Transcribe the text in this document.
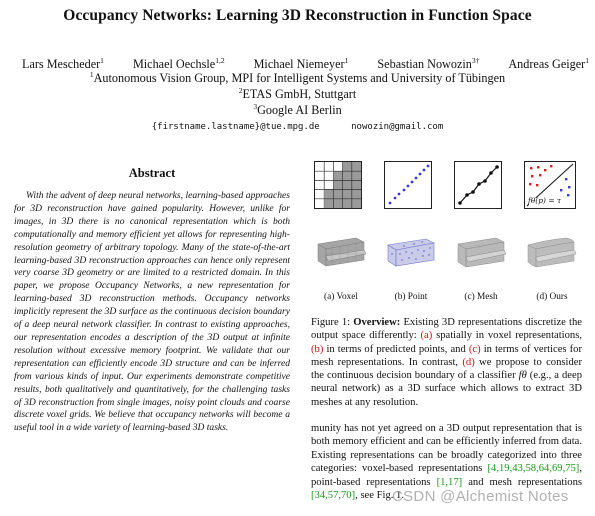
Occupancy Networks: Learning 3D Reconstruction in Function Space
Lars Mescheder$^1$ Michael Oechsle$^{1,2}$ Michael Niemeyer$^1$ Sebastian Nowozin$^{3\dagger}$ Andreas Geiger$^1$
$^1$Autonomous Vision Group, MPI for Intelligent Systems and University of Tübingen
$^2$ETAS GmbH, Stuttgart
$^3$Google AI Berlin
{firstname.lastname}@tue.mpg.de	nowozin@gmail.com
Abstract

With the advent of deep neural networks, learning-based approaches for 3D reconstruction have gained popularity. However, unlike for images, in 3D there is no canonical representation which is both computationally and memory efficient yet allows for representing high-resolution geometry of arbitrary topology. Many of the state-of-the-art learning-based 3D reconstruction approaches can hence only represent very coarse 3D geometry or are limited to a restricted domain. In this paper, we propose Occupancy Networks, a new representation for learning-based 3D reconstruction methods. Occupancy networks implicitly represent the 3D surface as the continuous decision boundary of a deep neural network classifier. In contrast to existing approaches, our representation encodes a description of the 3D output at infinite resolution without excessive memory footprint. We validate that our representation can efficiently encode 3D structure and can be inferred from various kinds of input. Our experiments demonstrate competitive results, both qualitatively and quantitatively, for the challenging tasks of 3D reconstruction from single images, noisy point clouds and coarse discrete voxel grids. We believe that occupancy networks will become a useful tool in a wide variety of learning-based 3D tasks.

fθ(p) = τ
(a) Voxel	(b) Point	(c) Mesh	(d) Ours

Figure 1: Overview: Existing 3D representations discretize the output space differently: (a) spatially in voxel representations, (b) in terms of predicted points, and (c) in terms of vertices for mesh representations. In contrast, (d) we propose to consider the continuous decision boundary of a classifier fθ (e.g., a deep neural network) as a 3D surface which allows to extract 3D meshes at any resolution.

munity has not yet agreed on a 3D output representation that is both memory efficient and can be efficiently inferred from data. Existing representations can be broadly categorized into three categories: voxel-based representations [4,19,43,58,64,69,75], point-based representations [1,17] and mesh representations [34,57,70], see Fig. 1.

CSDN @Alchemist Notes
